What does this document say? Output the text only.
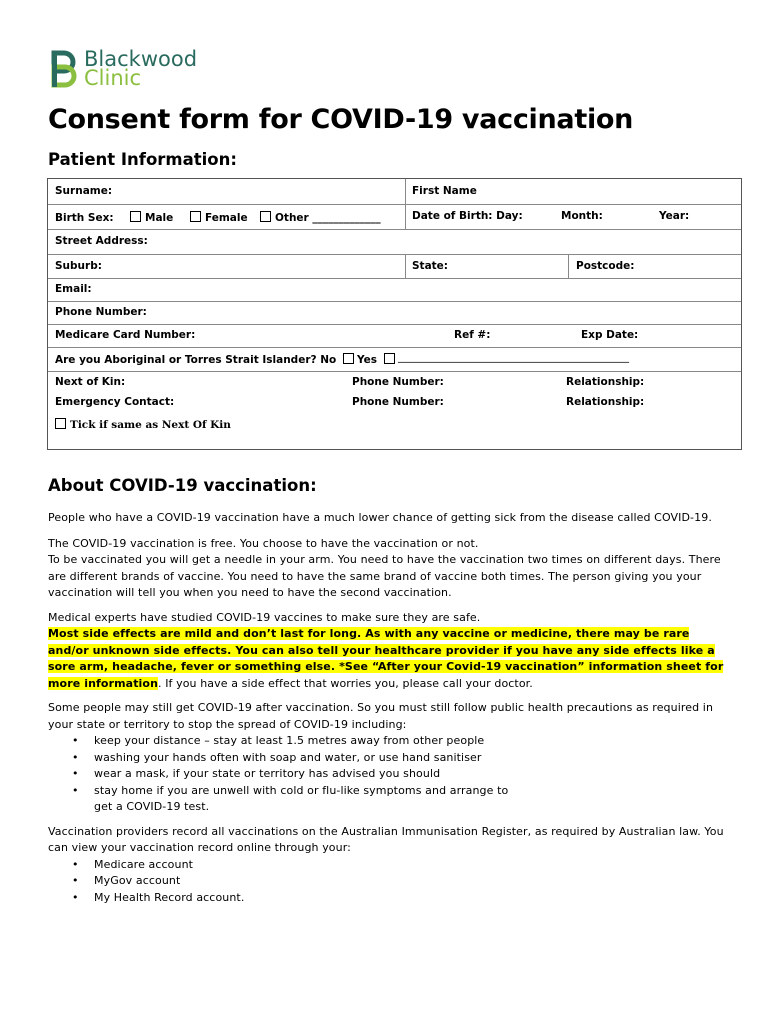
Blackwood
Clinic
Consent form for COVID-19 vaccination
Patient Information:
Surname:	First Name
Birth Sex:	Male	Female	Other _____________	Date of Birth: Day:	Month:	Year:
Street Address:
Suburb:	State:	Postcode:
Email:
Phone Number:
Medicare Card Number:	Ref #:	Exp Date:
Are you Aboriginal or Torres Strait Islander? No	Yes	____________________________________________
Next of Kin:	Phone Number:	Relationship:
Emergency Contact:	Phone Number:	Relationship:
Tick if same as Next Of Kin
About COVID-19 vaccination:

People who have a COVID-19 vaccination have a much lower chance of getting sick from the disease called COVID-19.

The COVID-19 vaccination is free. You choose to have the vaccination or not.

To be vaccinated you will get a needle in your arm. You need to have the vaccination two times on different days. There are different brands of vaccine. You need to have the same brand of vaccine both times. The person giving you your vaccination will tell you when you need to have the second vaccination.

Medical experts have studied COVID-19 vaccines to make sure they are safe.

Most side effects are mild and don’t last for long. As with any vaccine or medicine, there may be rare and/or unknown side effects. You can also tell your healthcare provider if you have any side effects like a sore arm, headache, fever or something else. *See “After your Covid-19 vaccination” information sheet for more information. If you have a side effect that worries you, please call your doctor.

Some people may still get COVID-19 after vaccination. So you must still follow public health precautions as required in your state or territory to stop the spread of COVID-19 including:

• keep your distance – stay at least 1.5 metres away from other people
• washing your hands often with soap and water, or use hand sanitiser
• wear a mask, if your state or territory has advised you should
• stay home if you are unwell with cold or flu-like symptoms and arrange to get a COVID-19 test.

Vaccination providers record all vaccinations on the Australian Immunisation Register, as required by Australian law. You can view your vaccination record online through your:

• Medicare account
• MyGov account
• My Health Record account.
